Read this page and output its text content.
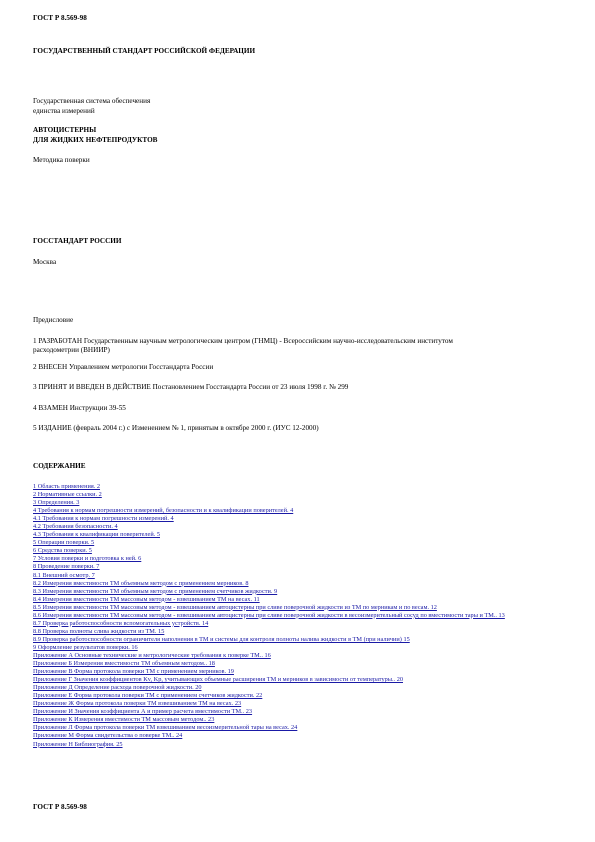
ГОСТ Р 8.569-98

ГОСУДАРСТВЕННЫЙ СТАНДАРТ РОССИЙСКОЙ ФЕДЕРАЦИИ

Государственная система обеспечения

единства измерений

АВТОЦИСТЕРНЫ

ДЛЯ ЖИДКИХ НЕФТЕПРОДУКТОВ

Методика поверки

ГОССТАНДАРТ РОССИИ

Москва

Предисловие

1 РАЗРАБОТАН Государственным научным метрологическим центром (ГНМЦ) - Всероссийским научно-исследовательским институтом

расходометрии (ВНИИР)

2 ВНЕСЕН Управлением метрологии Госстандарта России

3 ПРИНЯТ И ВВЕДЕН В ДЕЙСТВИЕ Постановлением Госстандарта России от 23 июля 1998 г. № 299

4 ВЗАМЕН Инструкции 39-55

5 ИЗДАНИЕ (февраль 2004 г.) с Изменением № 1, принятым в октябре 2000 г. (ИУС 12-2000)

СОДЕРЖАНИЕ

1 Область применения. 2
2 Нормативные ссылки. 2
3 Определения. 3
4 Требования к нормам погрешности измерений, безопасности и к квалификации поверителей. 4
4.1 Требования к нормам погрешности измерений. 4
4.2 Требования безопасности. 4
4.3 Требования к квалификации поверителей. 5
5 Операции поверки. 5
6 Средства поверки. 5
7 Условия поверки и подготовка к ней. 6
8 Проведение поверки. 7
8.1 Внешний осмотр. 7
8.2 Измерения вместимости ТМ объемным методом с применением мерников. 8
8.3 Измерения вместимости ТМ объемным методом с применением счетчиков жидкости. 9
8.4 Измерения вместимости ТМ массовым методом - взвешиванием ТМ на весах. 11
8.5 Измерения вместимости ТМ массовым методом - взвешиванием автоцистерны при сливе поверочной жидкости из ТМ по мерникам и по весам. 12
8.6 Измерения вместимости ТМ массовым методом - взвешиванием автоцистерны при сливе поверочной жидкости в весоизмерительный сосуд по вместимости тары и ТМ.. 13
8.7 Проверка работоспособности вспомогательных устройств. 14
8.8 Проверка полноты слива жидкости из ТМ. 15
8.9 Проверка работоспособности ограничителя наполнения в ТМ и системы для контроля полноты налива жидкости в ТМ (при наличии) 15
9 Оформление результатов поверки. 16
Приложение А Основные технические и метрологические требования к поверке ТМ.. 16
Приложение Б Измерения вместимости ТМ объемным методом.. 18
Приложение В Форма протокола поверки ТМ с применением мерников. 19
Приложение Г Значения коэффициентов Kv, Kp, учитывающих объемные расширения ТМ и мерников в зависимости от температуры.. 20
Приложение Д Определение расхода поверочной жидкости. 20
Приложение Е Форма протокола поверки ТМ с применением счетчиков жидкости. 22
Приложение Ж Форма протокола поверки ТМ взвешиванием ТМ на весах. 23
Приложение И Значения коэффициента А и пример расчета вместимости ТМ.. 23
Приложение К Измерения вместимости ТМ массовым методом.. 23
Приложение Л Форма протокола поверки ТМ взвешиванием весоизмерительной тары на весах. 24
Приложение М Форма свидетельства о поверке ТМ.. 24
Приложение Н Библиография. 25

ГОСТ Р 8.569-98
